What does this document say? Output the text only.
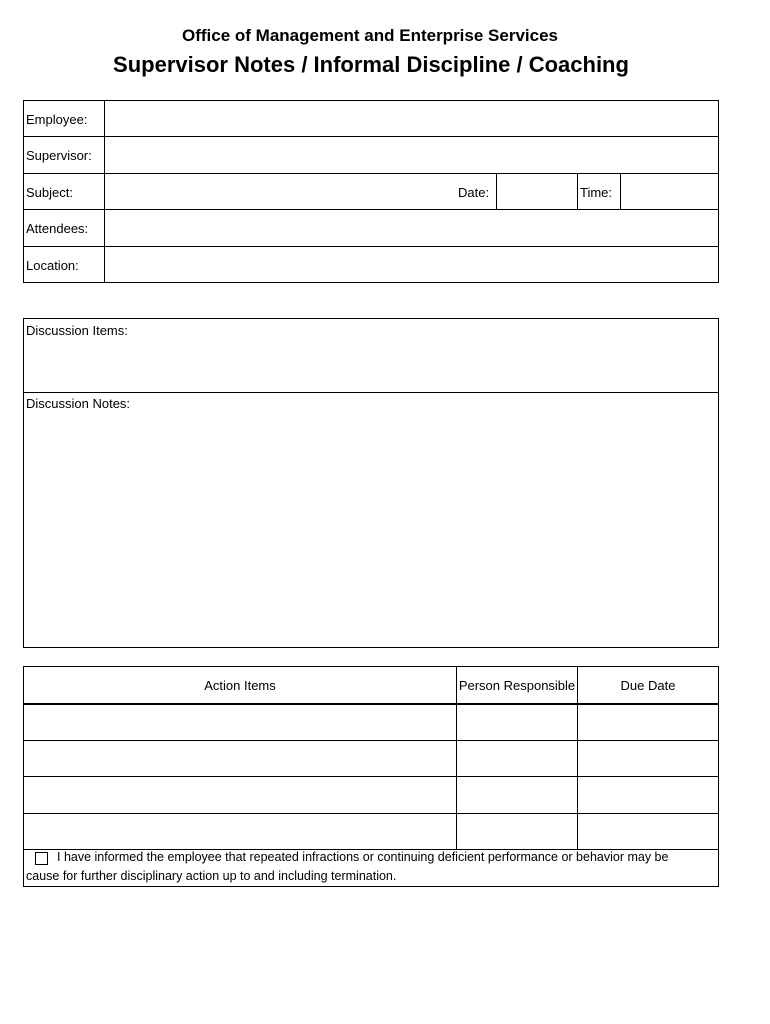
Office of Management and Enterprise Services
Supervisor Notes / Informal Discipline / Coaching
Employee:
Supervisor:
Subject:	Date:	Time:
Attendees:
Location:
Discussion Items:
Discussion Notes:
Action Items	Person Responsible	Due Date
I have informed the employee that repeated infractions or continuing deficient performance or behavior may be
cause for further disciplinary action up to and including termination.
